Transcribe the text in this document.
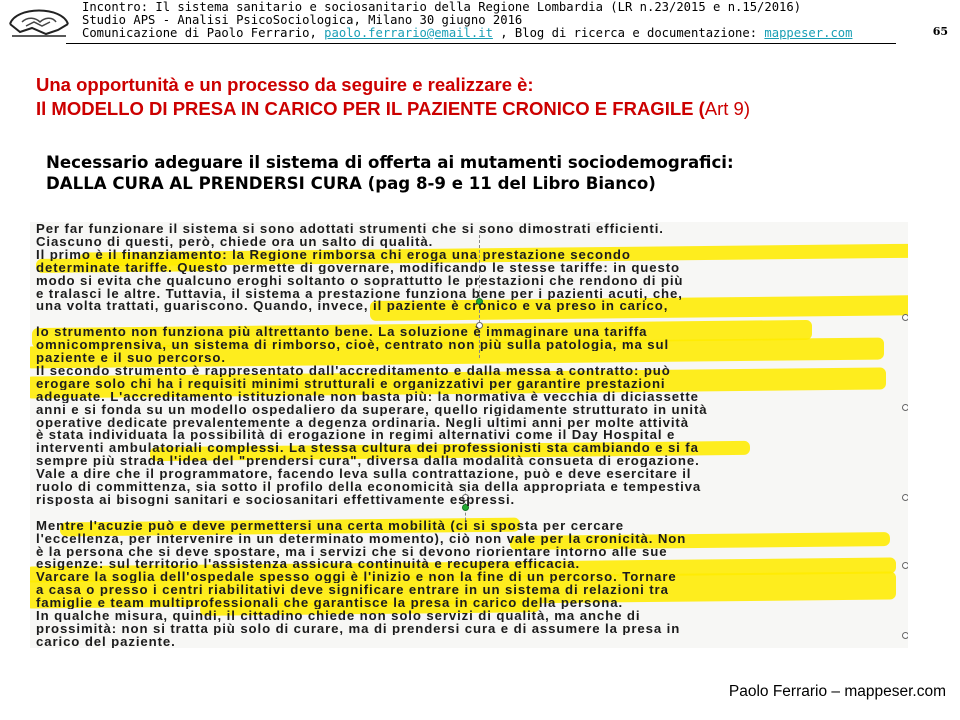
Incontro: Il sistema sanitario e sociosanitario della Regione Lombardia (LR n.23/2015 e n.15/2016)
Studio APS - Analisi PsicoSociologica, Milano 30 giugno 2016
Comunicazione di Paolo Ferrario, paolo.ferrario@email.it , Blog di ricerca e documentazione: mappeser.com	65
Una opportunità e un processo da seguire e realizzare è:
Il MODELLO DI PRESA IN CARICO PER IL PAZIENTE CRONICO E FRAGILE (Art 9)
Necessario adeguare il sistema di offerta ai mutamenti sociodemografici:
DALLA CURA AL PRENDERSI CURA (pag 8-9 e 11 del Libro Bianco)
Per far funzionare il sistema si sono adottati strumenti che si sono dimostrati efficienti.
Ciascuno di questi, però, chiede ora un salto di qualità.
Il primo è il finanziamento: la Regione rimborsa chi eroga una prestazione secondo
determinate tariffe. Questo permette di governare, modificando le stesse tariffe: in questo
modo si evita che qualcuno eroghi soltanto o soprattutto le prestazioni che rendono di più
e tralasci le altre. Tuttavia, il sistema a prestazione funziona bene per i pazienti acuti, che,
una volta trattati, guariscono. Quando, invece, il paziente è cronico e va preso in carico,
lo strumento non funziona più altrettanto bene. La soluzione è immaginare una tariffa
omnicomprensiva, un sistema di rimborso, cioè, centrato non più sulla patologia, ma sul
paziente e il suo percorso.
Il secondo strumento è rappresentato dall'accreditamento e dalla messa a contratto: può
erogare solo chi ha i requisiti minimi strutturali e organizzativi per garantire prestazioni
adeguate. L'accreditamento istituzionale non basta più: la normativa è vecchia di diciassette
anni e si fonda su un modello ospedaliero da superare, quello rigidamente strutturato in unità
operative dedicate prevalentemente a degenza ordinaria. Negli ultimi anni per molte attività
è stata individuata la possibilità di erogazione in regimi alternativi come il Day Hospital e
interventi ambulatoriali complessi. La stessa cultura dei professionisti sta cambiando e si fa
sempre più strada l'idea del "prendersi cura", diversa dalla modalità consueta di erogazione.
Vale a dire che il programmatore, facendo leva sulla contrattazione, può e deve esercitare il
ruolo di committenza, sia sotto il profilo della economicità sia della appropriata e tempestiva
risposta ai bisogni sanitari e sociosanitari effettivamente espressi.
Mentre l'acuzie può e deve permettersi una certa mobilità (ci si sposta per cercare
l'eccellenza, per intervenire in un determinato momento), ciò non vale per la cronicità. Non
è la persona che si deve spostare, ma i servizi che si devono riorientare intorno alle sue
esigenze: sul territorio l'assistenza assicura continuità e recupera efficacia.
Varcare la soglia dell'ospedale spesso oggi è l'inizio e non la fine di un percorso. Tornare
a casa o presso i centri riabilitativi deve significare entrare in un sistema di relazioni tra
famiglie e team multiprofessionali che garantisce la presa in carico della persona.
In qualche misura, quindi, il cittadino chiede non solo servizi di qualità, ma anche di
prossimità: non si tratta più solo di curare, ma di prendersi cura e di assumere la presa in
carico del paziente.
Paolo Ferrario – mappeser.com
